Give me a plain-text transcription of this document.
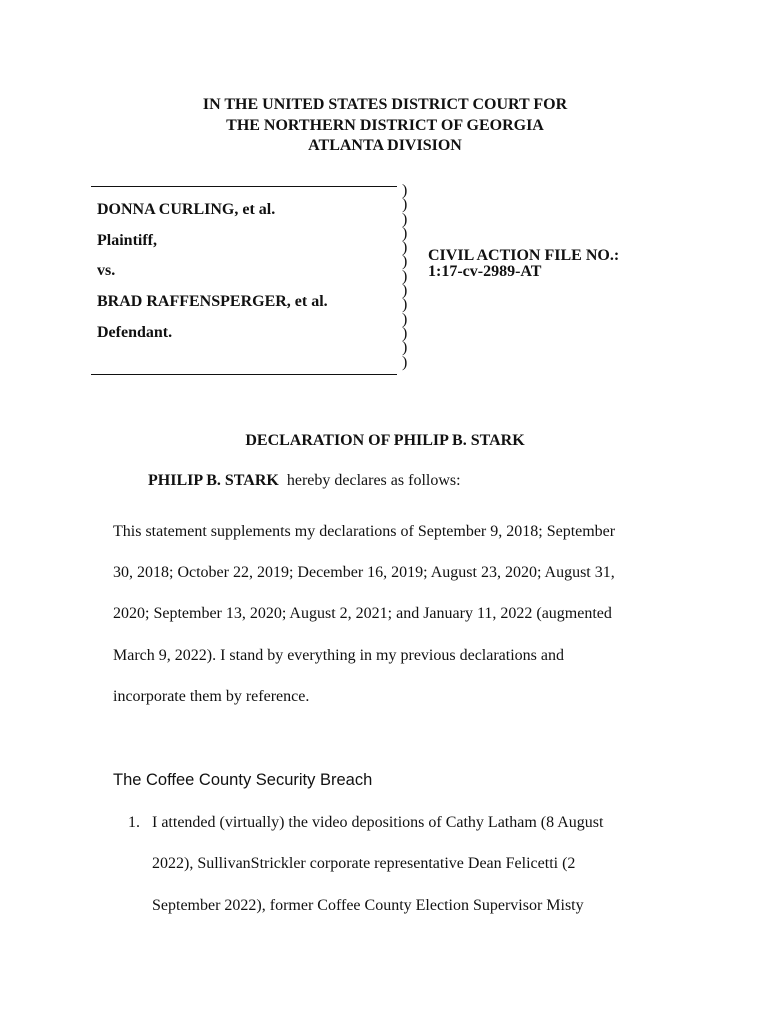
IN THE UNITED STATES DISTRICT COURT FOR
THE NORTHERN DISTRICT OF GEORGIA
ATLANTA DIVISION
DONNA CURLING, et al.
Plaintiff,
vs.
BRAD RAFFENSPERGER, et al.
Defendant.
)
)
)
)
)
)
)
)
)
)
)
)
)
CIVIL ACTION FILE NO.:
1:17-cv-2989-AT
DECLARATION OF PHILIP B. STARK
PHILIP B. STARK hereby declares as follows:
This statement supplements my declarations of September 9, 2018; September
30, 2018; October 22, 2019; December 16, 2019; August 23, 2020; August 31,
2020; September 13, 2020; August 2, 2021; and January 11, 2022 (augmented
March 9, 2022). I stand by everything in my previous declarations and
incorporate them by reference.
The Coffee County Security Breach
1. I attended (virtually) the video depositions of Cathy Latham (8 August
2022), SullivanStrickler corporate representative Dean Felicetti (2
September 2022), former Coffee County Election Supervisor Misty
